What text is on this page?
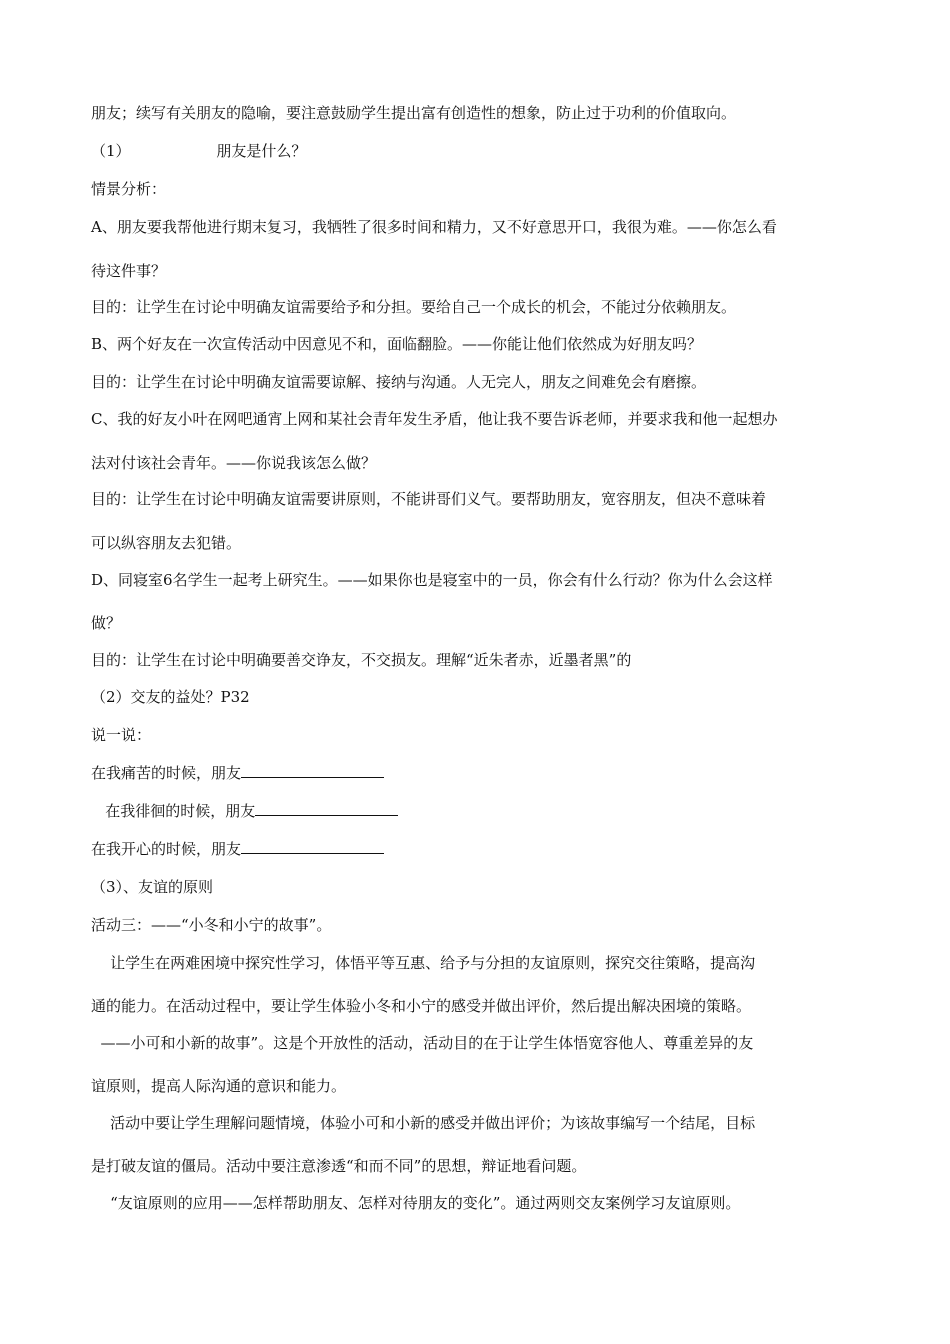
朋友；续写有关朋友的隐喻，要注意鼓励学生提出富有创造性的想象，防止过于功利的价值取向。
（1）                  朋友是什么？
情景分析：
A、朋友要我帮他进行期末复习，我牺牲了很多时间和精力，又不好意思开口，我很为难。——你怎么看
待这件事？
目的：让学生在讨论中明确友谊需要给予和分担。要给自己一个成长的机会，不能过分依赖朋友。
B、两个好友在一次宣传活动中因意见不和，面临翻脸。——你能让他们依然成为好朋友吗？
目的：让学生在讨论中明确友谊需要谅解、接纳与沟通。人无完人，朋友之间难免会有磨擦。
C、我的好友小叶在网吧通宵上网和某社会青年发生矛盾，他让我不要告诉老师，并要求我和他一起想办
法对付该社会青年。——你说我该怎么做？
目的：让学生在讨论中明确友谊需要讲原则，不能讲哥们义气。要帮助朋友，宽容朋友，但决不意味着
可以纵容朋友去犯错。
D、同寝室6名学生一起考上研究生。——如果你也是寝室中的一员，你会有什么行动？你为什么会这样
做？
目的：让学生在讨论中明确要善交诤友，不交损友。理解“近朱者赤，近墨者黑”的
（2）交友的益处？P32
说一说：
在我痛苦的时候，朋友
在我徘徊的时候，朋友
在我开心的时候，朋友
（3）、友谊的原则
活动三：——“小冬和小宁的故事”。
让学生在两难困境中探究性学习，体悟平等互惠、给予与分担的友谊原则，探究交往策略，提高沟
通的能力。在活动过程中，要让学生体验小冬和小宁的感受并做出评价，然后提出解决困境的策略。
——小可和小新的故事”。这是个开放性的活动，活动目的在于让学生体悟宽容他人、尊重差异的友
谊原则，提高人际沟通的意识和能力。
活动中要让学生理解问题情境，体验小可和小新的感受并做出评价；为该故事编写一个结尾，目标
是打破友谊的僵局。活动中要注意渗透“和而不同”的思想，辩证地看问题。
“友谊原则的应用——怎样帮助朋友、怎样对待朋友的变化”。通过两则交友案例学习友谊原则。
